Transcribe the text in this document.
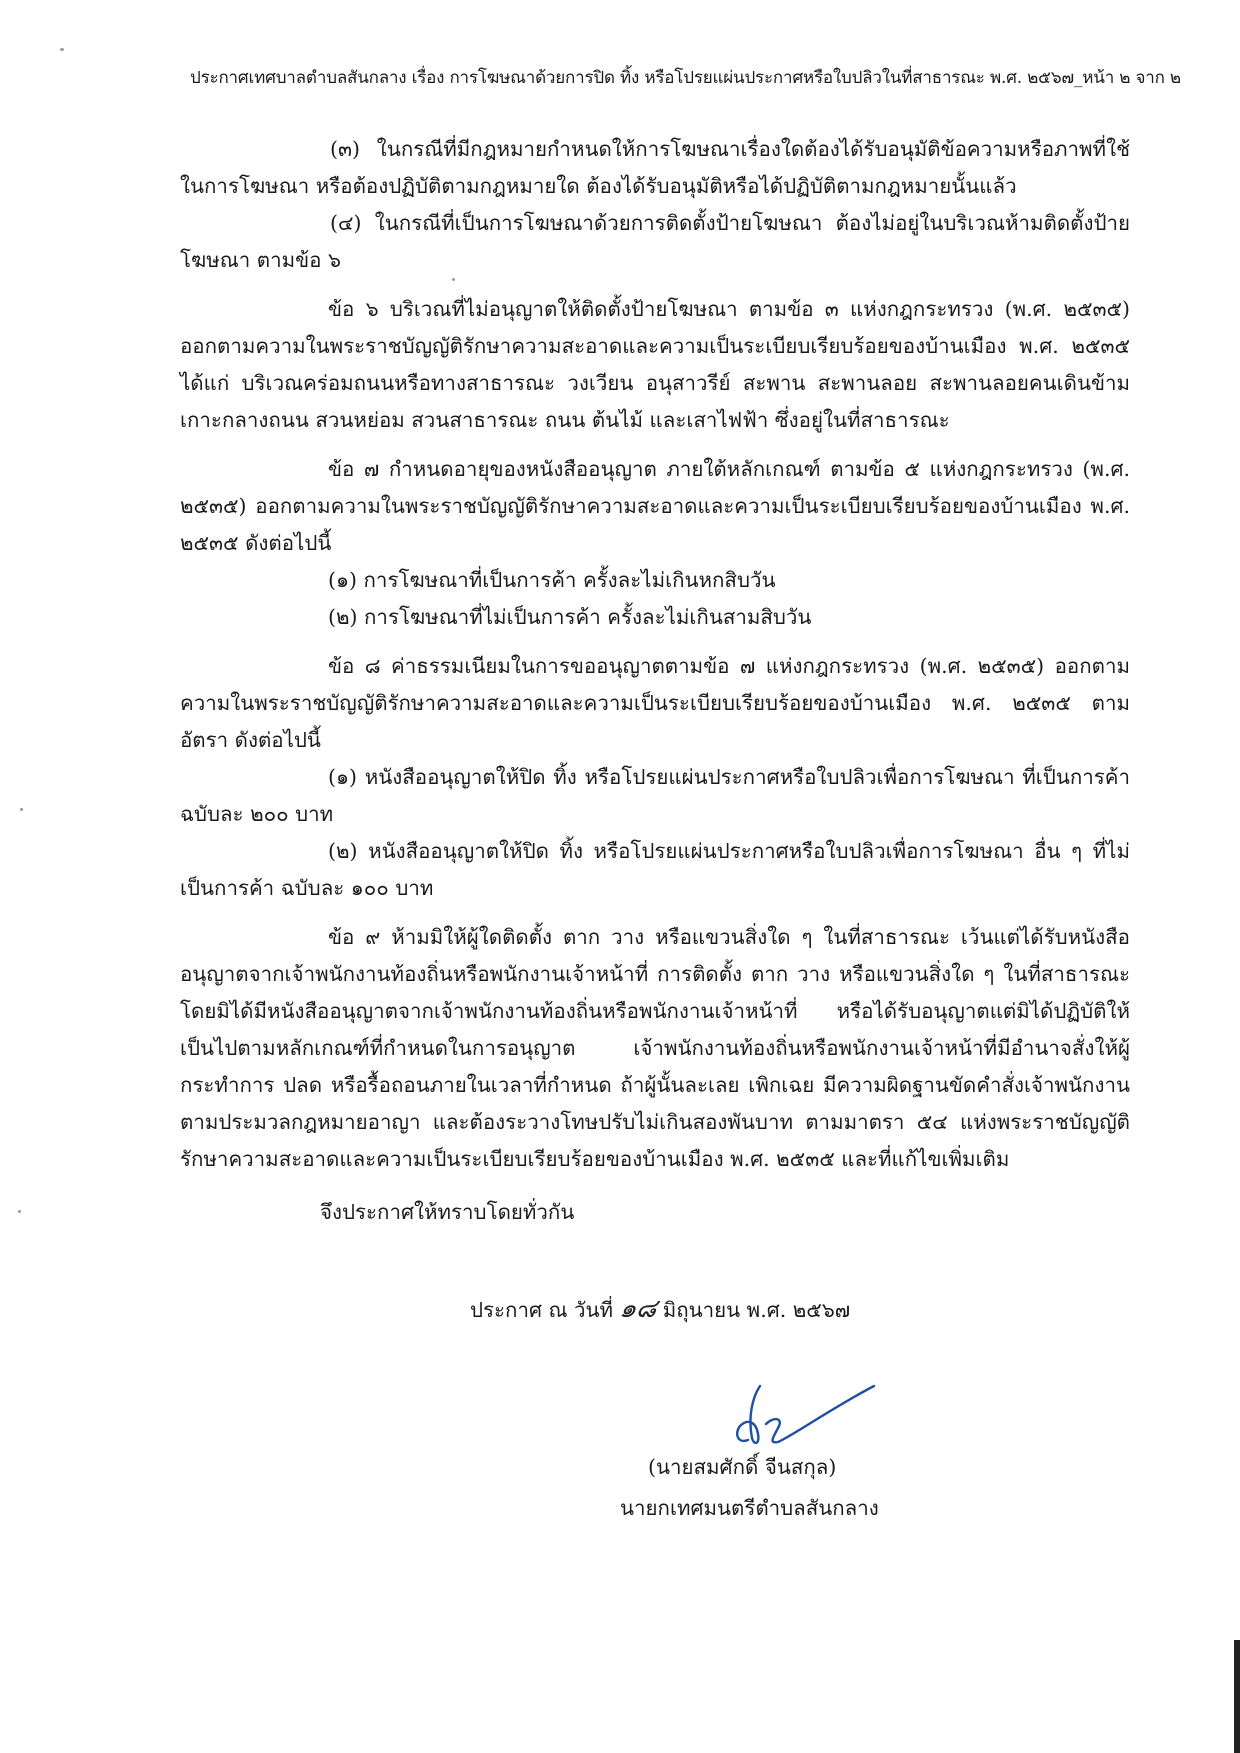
ประกาศเทศบาลตำบลสันกลาง เรื่อง การโฆษณาด้วยการปิด ทิ้ง หรือโปรยแผ่นประกาศหรือใบปลิวในที่สาธารณะ พ.ศ. ๒๕๖๗_หน้า ๒ จาก ๒

(๓) ในกรณีที่มีกฎหมายกำหนดให้การโฆษณาเรื่องใดต้องได้รับอนุมัติข้อความหรือภาพที่ใช้ในการโฆษณา หรือต้องปฏิบัติตามกฎหมายใด ต้องได้รับอนุมัติหรือได้ปฏิบัติตามกฎหมายนั้นแล้ว

(๔) ในกรณีที่เป็นการโฆษณาด้วยการติดตั้งป้ายโฆษณา ต้องไม่อยู่ในบริเวณห้ามติดตั้งป้ายโฆษณา ตามข้อ ๖

ข้อ ๖ บริเวณที่ไม่อนุญาตให้ติดตั้งป้ายโฆษณา ตามข้อ ๓ แห่งกฎกระทรวง (พ.ศ. ๒๕๓๕) ออกตามความในพระราชบัญญัติรักษาความสะอาดและความเป็นระเบียบเรียบร้อยของบ้านเมือง พ.ศ. ๒๕๓๕ ได้แก่ บริเวณคร่อมถนนหรือทางสาธารณะ วงเวียน อนุสาวรีย์ สะพาน สะพานลอย สะพานลอยคนเดินข้าม เกาะกลางถนน สวนหย่อม สวนสาธารณะ ถนน ต้นไม้ และเสาไฟฟ้า ซึ่งอยู่ในที่สาธารณะ

ข้อ ๗ กำหนดอายุของหนังสืออนุญาต ภายใต้หลักเกณฑ์ ตามข้อ ๕ แห่งกฎกระทรวง (พ.ศ. ๒๕๓๕) ออกตามความในพระราชบัญญัติรักษาความสะอาดและความเป็นระเบียบเรียบร้อยของบ้านเมือง พ.ศ. ๒๕๓๕ ดังต่อไปนี้

(๑) การโฆษณาที่เป็นการค้า ครั้งละไม่เกินหกสิบวัน

(๒) การโฆษณาที่ไม่เป็นการค้า ครั้งละไม่เกินสามสิบวัน

ข้อ ๘ ค่าธรรมเนียมในการขออนุญาตตามข้อ ๗ แห่งกฎกระทรวง (พ.ศ. ๒๕๓๕) ออกตามความในพระราชบัญญัติรักษาความสะอาดและความเป็นระเบียบเรียบร้อยของบ้านเมือง พ.ศ. ๒๕๓๕ ตามอัตรา ดังต่อไปนี้

(๑) หนังสืออนุญาตให้ปิด ทิ้ง หรือโปรยแผ่นประกาศหรือใบปลิวเพื่อการโฆษณา ที่เป็นการค้า ฉบับละ ๒๐๐ บาท

(๒) หนังสืออนุญาตให้ปิด ทิ้ง หรือโปรยแผ่นประกาศหรือใบปลิวเพื่อการโฆษณา อื่น ๆ ที่ไม่เป็นการค้า ฉบับละ ๑๐๐ บาท

ข้อ ๙ ห้ามมิให้ผู้ใดติดตั้ง ตาก วาง หรือแขวนสิ่งใด ๆ ในที่สาธารณะ เว้นแต่ได้รับหนังสืออนุญาตจากเจ้าพนักงานท้องถิ่นหรือพนักงานเจ้าหน้าที่ การติดตั้ง ตาก วาง หรือแขวนสิ่งใด ๆ ในที่สาธารณะโดยมิได้มีหนังสืออนุญาตจากเจ้าพนักงานท้องถิ่นหรือพนักงานเจ้าหน้าที่ หรือได้รับอนุญาตแต่มิได้ปฏิบัติให้เป็นไปตามหลักเกณฑ์ที่กำหนดในการอนุญาต เจ้าพนักงานท้องถิ่นหรือพนักงานเจ้าหน้าที่มีอำนาจสั่งให้ผู้กระทำการ ปลด หรือรื้อถอนภายในเวลาที่กำหนด ถ้าผู้นั้นละเลย เพิกเฉย มีความผิดฐานขัดคำสั่งเจ้าพนักงานตามประมวลกฎหมายอาญา และต้องระวางโทษปรับไม่เกินสองพันบาท ตามมาตรา ๕๔ แห่งพระราชบัญญัติรักษาความสะอาดและความเป็นระเบียบเรียบร้อยของบ้านเมือง พ.ศ. ๒๕๓๕ และที่แก้ไขเพิ่มเติม

จึงประกาศให้ทราบโดยทั่วกัน

ประกาศ ณ วันที่ ๑๘ มิถุนายน พ.ศ. ๒๕๖๗
(นายสมศักดิ์ จีนสกุล)
นายกเทศมนตรีตำบลสันกลาง
